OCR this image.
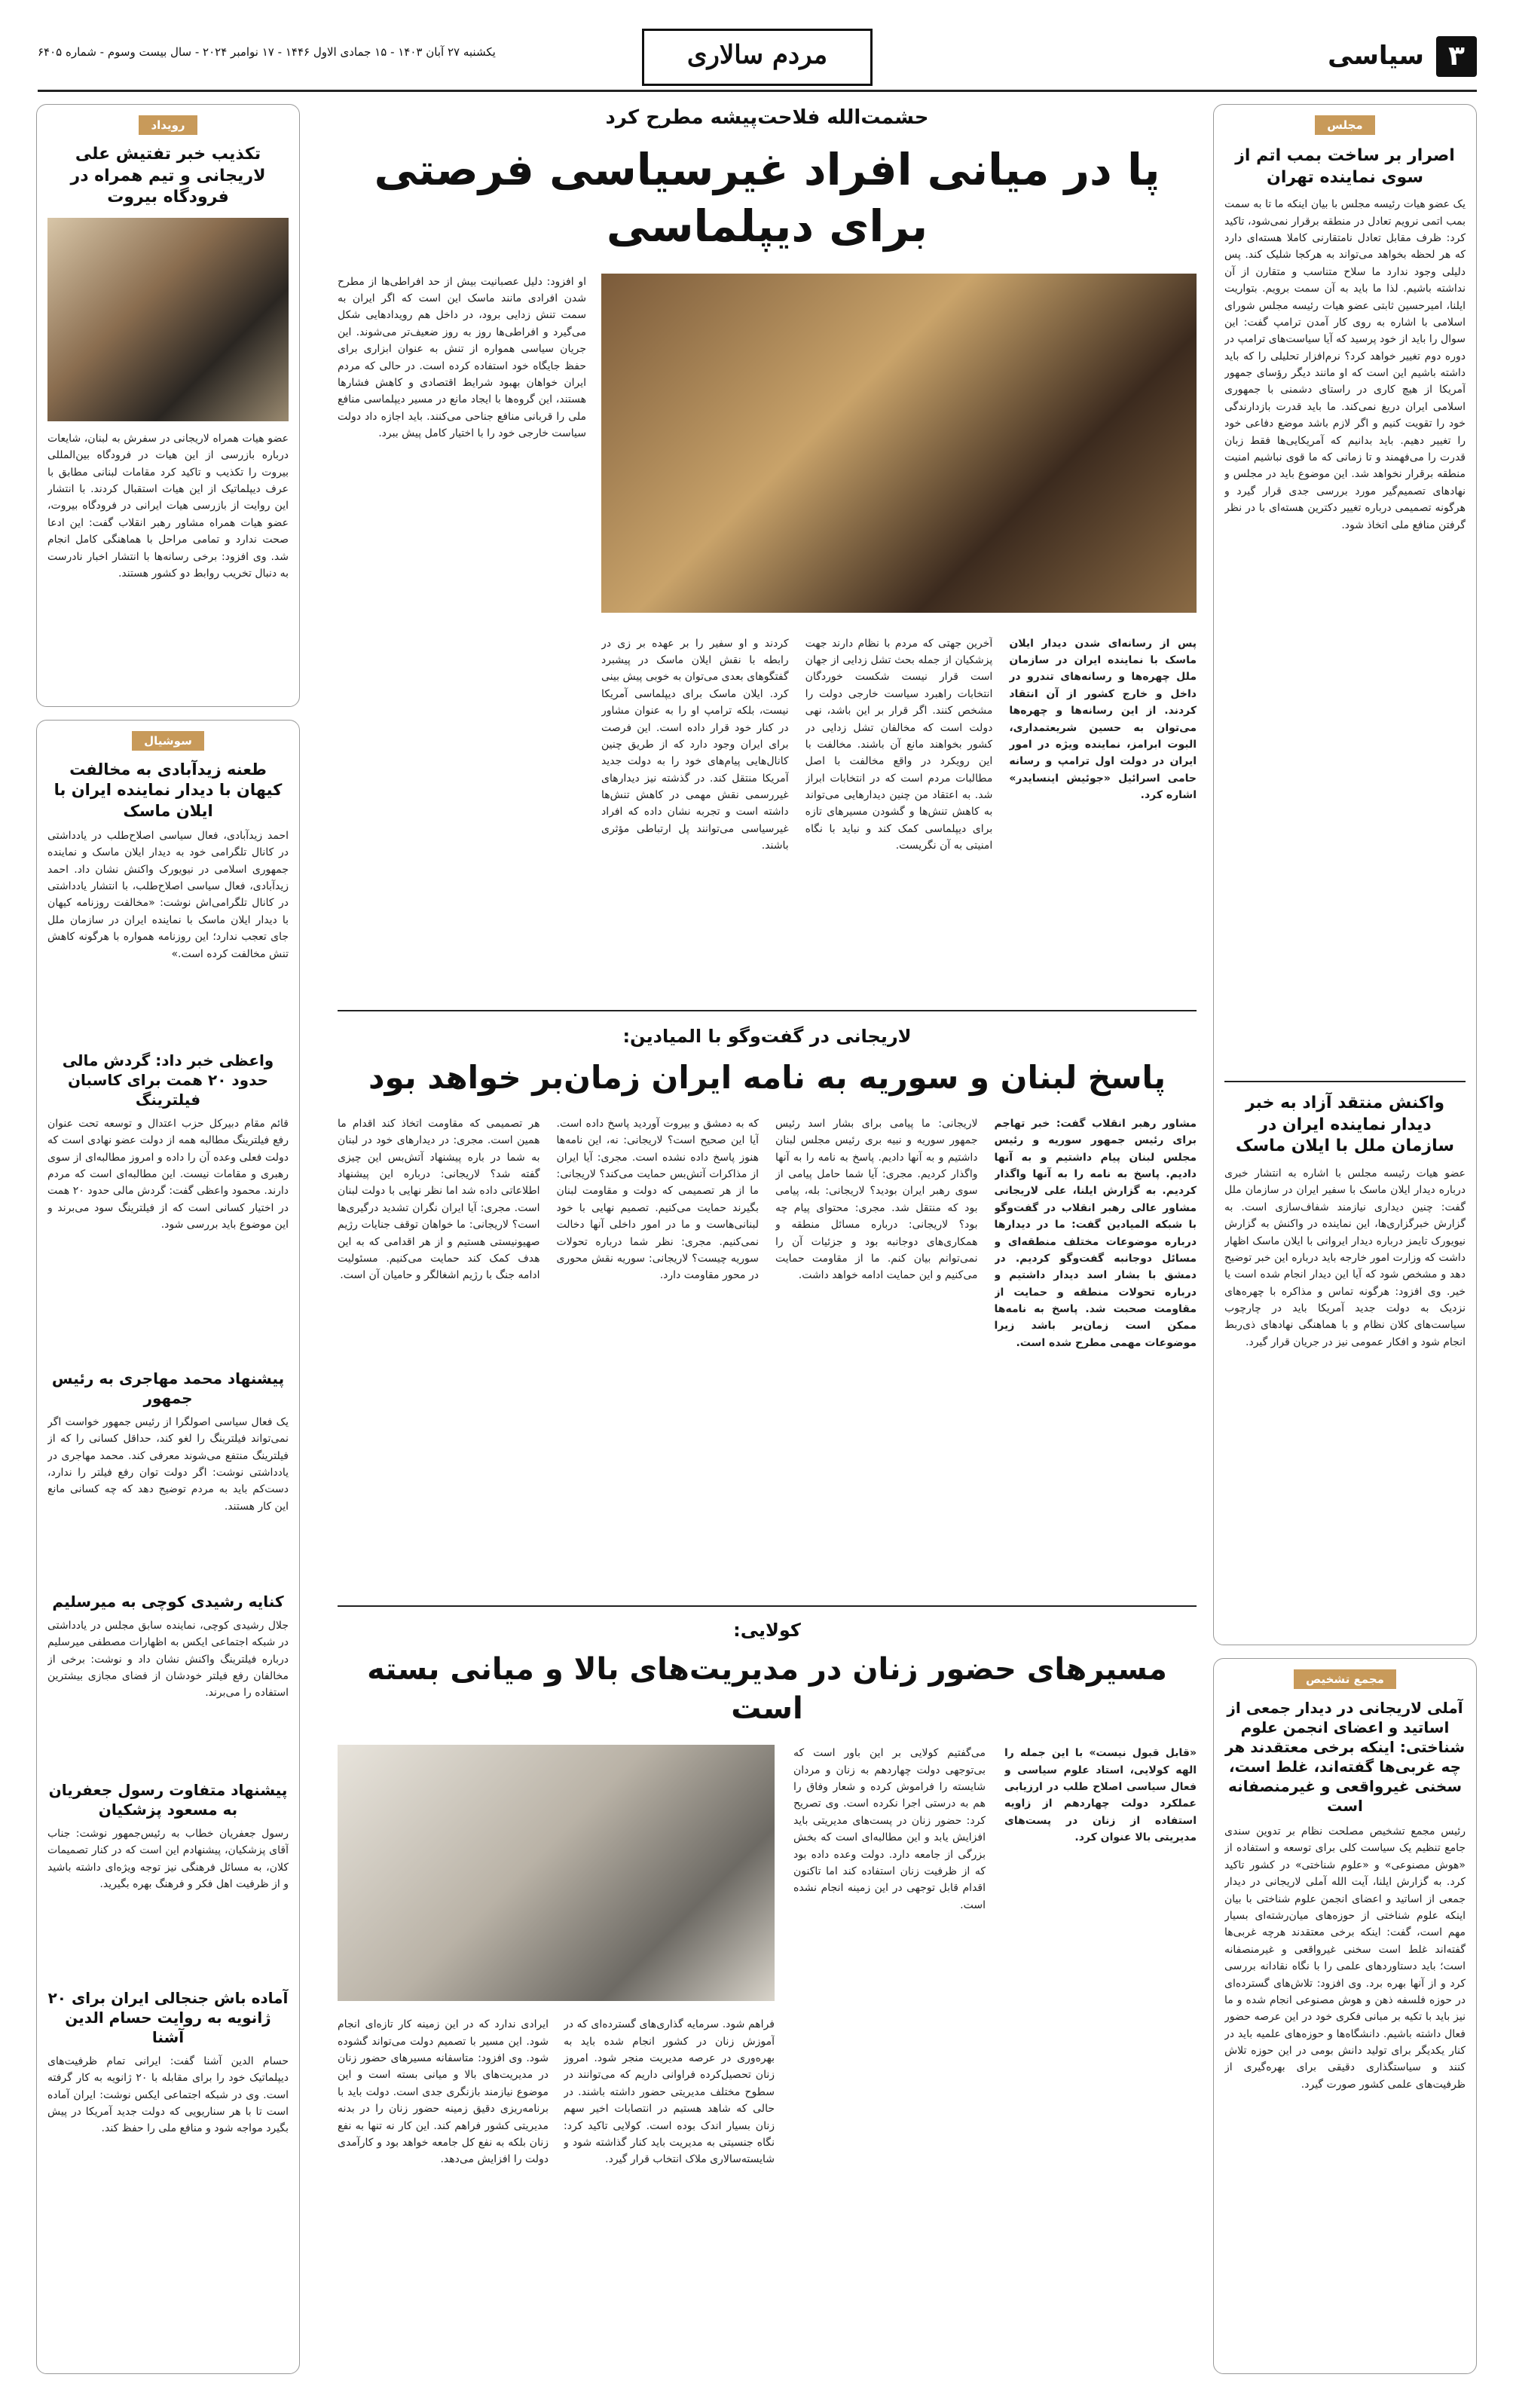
۳
سیاسی
مردم سالاری
یکشنبه ۲۷ آبان ۱۴۰۳ - ۱۵ جمادی الاول ۱۴۴۶ - ۱۷ نوامبر ۲۰۲۴ - سال بیست وسوم - شماره ۶۴۰۵
مجلس
اصرار بر ساخت بمب اتم از سوی نماینده تهران
یک عضو هیات رئیسه مجلس با بیان اینکه ما تا به سمت بمب اتمی نرویم تعادل در منطقه برقرار نمی‌شود، تاکید کرد: ظرف مقابل تعادل نامتقارنی کاملا هسته‌ای دارد که هر لحظه بخواهد می‌تواند به هرکجا شلیک کند. پس دلیلی وجود ندارد ما سلاح متناسب و متقارن از آن نداشته باشیم. لذا ما باید به آن سمت برویم. بتواریت ایلنا، امیرحسین ثابتی عضو هیات رئیسه مجلس شورای اسلامی با اشاره به روی کار آمدن ترامپ گفت: این سوال را باید از خود پرسید که آیا سیاست‌های ترامپ در دوره دوم تغییر خواهد کرد؟ نرم‌افزار تحلیلی را که باید داشته باشیم این است که او مانند دیگر رؤسای جمهور آمریکا از هیچ کاری در راستای دشمنی با جمهوری اسلامی ایران دریغ نمی‌کند. ما باید قدرت بازدارندگی خود را تقویت کنیم و اگر لازم باشد موضع دفاعی خود را تغییر دهیم. باید بدانیم که آمریکایی‌ها فقط زبان قدرت را می‌فهمند و تا زمانی که ما قوی نباشیم امنیت منطقه برقرار نخواهد شد. این موضوع باید در مجلس و نهادهای تصمیم‌گیر مورد بررسی جدی قرار گیرد و هرگونه تصمیمی درباره تغییر دکترین هسته‌ای با در نظر گرفتن منافع ملی اتخاذ شود.
واکنش منتقد آزاد به خبر دیدار نماینده ایران در سازمان ملل با ایلان ماسک
عضو هیات رئیسه مجلس با اشاره به انتشار خبری درباره دیدار ایلان ماسک با سفیر ایران در سازمان ملل گفت: چنین دیداری نیازمند شفاف‌سازی است. به گزارش خبرگزاری‌ها، این نماینده در واکنش به گزارش نیویورک تایمز درباره دیدار ایروانی با ایلان ماسک اظهار داشت که وزارت امور خارجه باید درباره این خبر توضیح دهد و مشخص شود که آیا این دیدار انجام شده است یا خیر. وی افزود: هرگونه تماس و مذاکره با چهره‌های نزدیک به دولت جدید آمریکا باید در چارچوب سیاست‌های کلان نظام و با هماهنگی نهادهای ذی‌ربط انجام شود و افکار عمومی نیز در جریان قرار گیرد.
مجمع تشخیص
آملی لاریجانی در دیدار جمعی از اساتید و اعضای انجمن علوم شناختی: اینکه برخی معتقدند هر چه غربی‌ها گفته‌اند، غلط است، سخنی غیرواقعی و غیرمنصفانه است
رئیس مجمع تشخیص مصلحت نظام بر تدوین سندی جامع تنظیم یک سیاست کلی برای توسعه و استفاده از «هوش مصنوعی» و «علوم شناختی» در کشور تاکید کرد. به گزارش ایلنا، آیت الله آملی لاریجانی در دیدار جمعی از اساتید و اعضای انجمن علوم شناختی با بیان اینکه علوم شناختی از حوزه‌های میان‌رشته‌ای بسیار مهم است، گفت: اینکه برخی معتقدند هرچه غربی‌ها گفته‌اند غلط است سخنی غیرواقعی و غیرمنصفانه است؛ باید دستاوردهای علمی را با نگاه نقادانه بررسی کرد و از آنها بهره برد. وی افزود: تلاش‌های گسترده‌ای در حوزه فلسفه ذهن و هوش مصنوعی انجام شده و ما نیز باید با تکیه بر مبانی فکری خود در این عرصه حضور فعال داشته باشیم. دانشگاه‌ها و حوزه‌های علمیه باید در کنار یکدیگر برای تولید دانش بومی در این حوزه تلاش کنند و سیاستگذاری دقیقی برای بهره‌گیری از ظرفیت‌های علمی کشور صورت گیرد.
حشمت‌الله فلاحت‌پیشه مطرح کرد
پا در میانی افراد غیرسیاسی فرصتی برای دیپلماسی
او افزود: دلیل عصبانیت بیش از حد افراطی‌ها از مطرح شدن افرادی مانند ماسک این است که اگر ایران به سمت تنش زدایی برود، در داخل هم رویدادهایی شکل می‌گیرد و افراطی‌ها روز به روز ضعیف‌تر می‌شوند. این جریان سیاسی همواره از تنش به عنوان ابزاری برای حفظ جایگاه خود استفاده کرده است. در حالی که مردم ایران خواهان بهبود شرایط اقتصادی و کاهش فشارها هستند، این گروه‌ها با ایجاد مانع در مسیر دیپلماسی منافع ملی را قربانی منافع جناحی می‌کنند. باید اجازه داد دولت سیاست خارجی خود را با اختیار کامل پیش ببرد.
پس از رسانه‌ای شدن دیدار ایلان ماسک با نماینده ایران در سازمان ملل چهره‌ها و رسانه‌های تندرو در داخل و خارج کشور از آن انتقاد کردند. از این رسانه‌ها و چهره‌ها می‌توان به حسین شریعتمداری، البوت ابرامز، نماینده ویژه در امور ایران در دولت اول ترامپ و رسانه حامی اسرائیل «جوئیش اینسایدر» اشاره کرد.
آخرین جهتی که مردم با نظام دارند جهت پزشکیان از جمله بحث تشل زدایی از جهان است قرار نیست شکست خوردگان انتخابات راهبرد سیاست خارجی دولت را مشخص کنند. اگر قرار بر این باشد، نهی دولت است که مخالفان تشل زدایی در کشور بخواهند مانع آن باشند. مخالفت با این رویکرد در واقع مخالفت با اصل مطالبات مردم است که در انتخابات ابراز شد. به اعتقاد من چنین دیدارهایی می‌تواند به کاهش تنش‌ها و گشودن مسیرهای تازه برای دیپلماسی کمک کند و نباید با نگاه امنیتی به آن نگریست.
کردند و او سفیر را بر عهده بر زی در رابطه با نقش ایلان ماسک در پیشبرد گفتگوهای بعدی می‌توان به خوبی پیش بینی کرد. ایلان ماسک برای دیپلماسی آمریکا نیست، بلکه ترامپ او را به عنوان مشاور در کنار خود قرار داده است. این فرصت برای ایران وجود دارد که از طریق چنین کانال‌هایی پیام‌های خود را به دولت جدید آمریکا منتقل کند. در گذشته نیز دیدارهای غیررسمی نقش مهمی در کاهش تنش‌ها داشته است و تجربه نشان داده که افراد غیرسیاسی می‌توانند پل ارتباطی مؤثری باشند.
لاریجانی در گفت‌وگو با المیادین:
پاسخ لبنان و سوریه به نامه ایران زمان‌بر خواهد بود
مشاور رهبر انقلاب گفت: خبر تهاجم برای رئیس جمهور سوریه و رئیس مجلس لبنان پیام داشتیم و به آنها دادیم. پاسخ به نامه را به آنها واگذار کردیم. به گزارش ایلنا، علی لاریجانی مشاور عالی رهبر انقلاب در گفت‌وگو با شبکه المیادین گفت: ما در دیدارها درباره موضوعات مختلف منطقه‌ای و مسائل دوجانبه گفت‌وگو کردیم. در دمشق با بشار اسد دیدار داشتیم و درباره تحولات منطقه و حمایت از مقاومت صحبت شد. پاسخ به نامه‌ها ممکن است زمان‌بر باشد زیرا موضوعات مهمی مطرح شده است.
لاریجانی: ما پیامی برای بشار اسد رئیس جمهور سوریه و نبیه بری رئیس مجلس لبنان داشتیم و به آنها دادیم. پاسخ به نامه را به آنها واگذار کردیم. مجری: آیا شما حامل پیامی از سوی رهبر ایران بودید؟ لاریجانی: بله، پیامی بود که منتقل شد. مجری: محتوای پیام چه بود؟ لاریجانی: درباره مسائل منطقه و همکاری‌های دوجانبه بود و جزئیات آن را نمی‌توانم بیان کنم. ما از مقاومت حمایت می‌کنیم و این حمایت ادامه خواهد داشت.
که به دمشق و بیروت آوردید پاسخ داده است. آیا این صحیح است؟ لاریجانی: نه، این نامه‌ها هنوز پاسخ داده نشده است. مجری: آیا ایران از مذاکرات آتش‌بس حمایت می‌کند؟ لاریجانی: ما از هر تصمیمی که دولت و مقاومت لبنان بگیرند حمایت می‌کنیم. تصمیم نهایی با خود لبنانی‌هاست و ما در امور داخلی آنها دخالت نمی‌کنیم. مجری: نظر شما درباره تحولات سوریه چیست؟ لاریجانی: سوریه نقش محوری در محور مقاومت دارد.
هر تصمیمی که مقاومت اتخاذ کند اقدام ما همین است. مجری: در دیدارهای خود در لبنان به شما در باره پیشنهاد آتش‌بس این چیزی گفته شد؟ لاریجانی: درباره این پیشنهاد اطلاعاتی داده شد اما نظر نهایی با دولت لبنان است. مجری: آیا ایران نگران تشدید درگیری‌ها است؟ لاریجانی: ما خواهان توقف جنایات رژیم صهیونیستی هستیم و از هر اقدامی که به این هدف کمک کند حمایت می‌کنیم. مسئولیت ادامه جنگ با رژیم اشغالگر و حامیان آن است.
کولایی:
مسیرهای حضور زنان در مدیریت‌های بالا و میانی بسته است
«قابل قبول نیست» با این جمله را الهه کولایی، استاد علوم سیاسی و فعال سیاسی اصلاح طلب در ارزیابی عملکرد دولت چهاردهم از زاویه استفاده از زنان در پست‌های مدیریتی بالا عنوان کرد.
می‌گفتیم کولایی بر این باور است که بی‌توجهی دولت چهاردهم به زنان و مردان شایسته را فراموش کرده و شعار وفاق را هم به درستی اجرا نکرده است. وی تصریح کرد: حضور زنان در پست‌های مدیریتی باید افزایش یابد و این مطالبه‌ای است که بخش بزرگی از جامعه دارد. دولت وعده داده بود که از ظرفیت زنان استفاده کند اما تاکنون اقدام قابل توجهی در این زمینه انجام نشده است.
فراهم شود. سرمایه گذاری‌های گسترده‌ای که در آموزش زنان در کشور انجام شده باید به بهره‌وری در عرصه مدیریت منجر شود. امروز زنان تحصیل‌کرده فراوانی داریم که می‌توانند در سطوح مختلف مدیریتی حضور داشته باشند. در حالی که شاهد هستیم در انتصابات اخیر سهم زنان بسیار اندک بوده است. کولایی تاکید کرد: نگاه جنسیتی به مدیریت باید کنار گذاشته شود و شایسته‌سالاری ملاک انتخاب قرار گیرد.
ایرادی ندارد که در این زمینه کار تازه‌ای انجام شود. این مسیر با تصمیم دولت می‌تواند گشوده شود. وی افزود: متاسفانه مسیرهای حضور زنان در مدیریت‌های بالا و میانی بسته است و این موضوع نیازمند بازنگری جدی است. دولت باید با برنامه‌ریزی دقیق زمینه حضور زنان را در بدنه مدیریتی کشور فراهم کند. این کار نه تنها به نفع زنان بلکه به نفع کل جامعه خواهد بود و کارآمدی دولت را افزایش می‌دهد.
رویداد
تکذیب خبر تفتیش علی لاریجانی و تیم همراه در فرودگاه بیروت
عضو هیات همراه لاریجانی در سفرش به لبنان، شایعات درباره بازرسی از این هیات در فرودگاه بین‌المللی بیروت را تکذیب و تاکید کرد مقامات لبنانی مطابق با عرف دیپلماتیک از این هیات استقبال کردند. با انتشار این روایت از بازرسی هیات ایرانی در فرودگاه بیروت، عضو هیات همراه مشاور رهبر انقلاب گفت: این ادعا صحت ندارد و تمامی مراحل با هماهنگی کامل انجام شد. وی افزود: برخی رسانه‌ها با انتشار اخبار نادرست به دنبال تخریب روابط دو کشور هستند.
سوشیال
طعنه زیدآبادی به مخالفت کیهان با دیدار نماینده ایران با ایلان ماسک
احمد زیدآبادی، فعال سیاسی اصلاح‌طلب در یادداشتی در کانال تلگرامی خود به دیدار ایلان ماسک و نماینده جمهوری اسلامی در نیویورک واکنش نشان داد. احمد زیدآبادی، فعال سیاسی اصلاح‌طلب، با انتشار یادداشتی در کانال تلگرامی‌اش نوشت: «مخالفت روزنامه کیهان با دیدار ایلان ماسک با نماینده ایران در سازمان ملل جای تعجب ندارد؛ این روزنامه همواره با هرگونه کاهش تنش مخالفت کرده است.»
واعظی خبر داد: گردش مالی حدود ۲۰ همت برای کاسبان فیلترینگ
قائم مقام دبیرکل حزب اعتدال و توسعه تحت عنوان رفع فیلترینگ مطالبه همه از دولت عضو نهادی است که دولت فعلی وعده آن را داده و امروز مطالبه‌ای از سوی رهبری و مقامات نیست. این مطالبه‌ای است که مردم دارند. محمود واعظی گفت: گردش مالی حدود ۲۰ همت در اختیار کسانی است که از فیلترینگ سود می‌برند و این موضوع باید بررسی شود.
پیشنهاد محمد مهاجری به رئیس جمهور
یک فعال سیاسی اصولگرا از رئیس جمهور خواست اگر نمی‌تواند فیلترینگ را لغو کند، حداقل کسانی را که از فیلترینگ منتفع می‌شوند معرفی کند. محمد مهاجری در یادداشتی نوشت: اگر دولت توان رفع فیلتر را ندارد، دست‌کم باید به مردم توضیح دهد که چه کسانی مانع این کار هستند.
کنایه رشیدی کوچی به میرسلیم
جلال رشیدی کوچی، نماینده سابق مجلس در یادداشتی در شبکه اجتماعی ایکس به اظهارات مصطفی میرسلیم درباره فیلترینگ واکنش نشان داد و نوشت: برخی از مخالفان رفع فیلتر خودشان از فضای مجازی بیشترین استفاده را می‌برند.
پیشنهاد متفاوت رسول جعفریان به مسعود پزشکیان
رسول جعفریان خطاب به رئیس‌جمهور نوشت: جناب آقای پزشکیان، پیشنهادم این است که در کنار تصمیمات کلان، به مسائل فرهنگی نیز توجه ویژه‌ای داشته باشید و از ظرفیت اهل فکر و فرهنگ بهره بگیرید.
آماده باش جنجالی ایران برای ۲۰ ژانویه به روایت حسام الدین آشنا
حسام الدین آشنا گفت: ایرانی تمام ظرفیت‌های دیپلماتیک خود را برای مقابله با ۲۰ ژانویه به کار گرفته است. وی در شبکه اجتماعی ایکس نوشت: ایران آماده است تا با هر سناریویی که دولت جدید آمریکا در پیش بگیرد مواجه شود و منافع ملی را حفظ کند.
